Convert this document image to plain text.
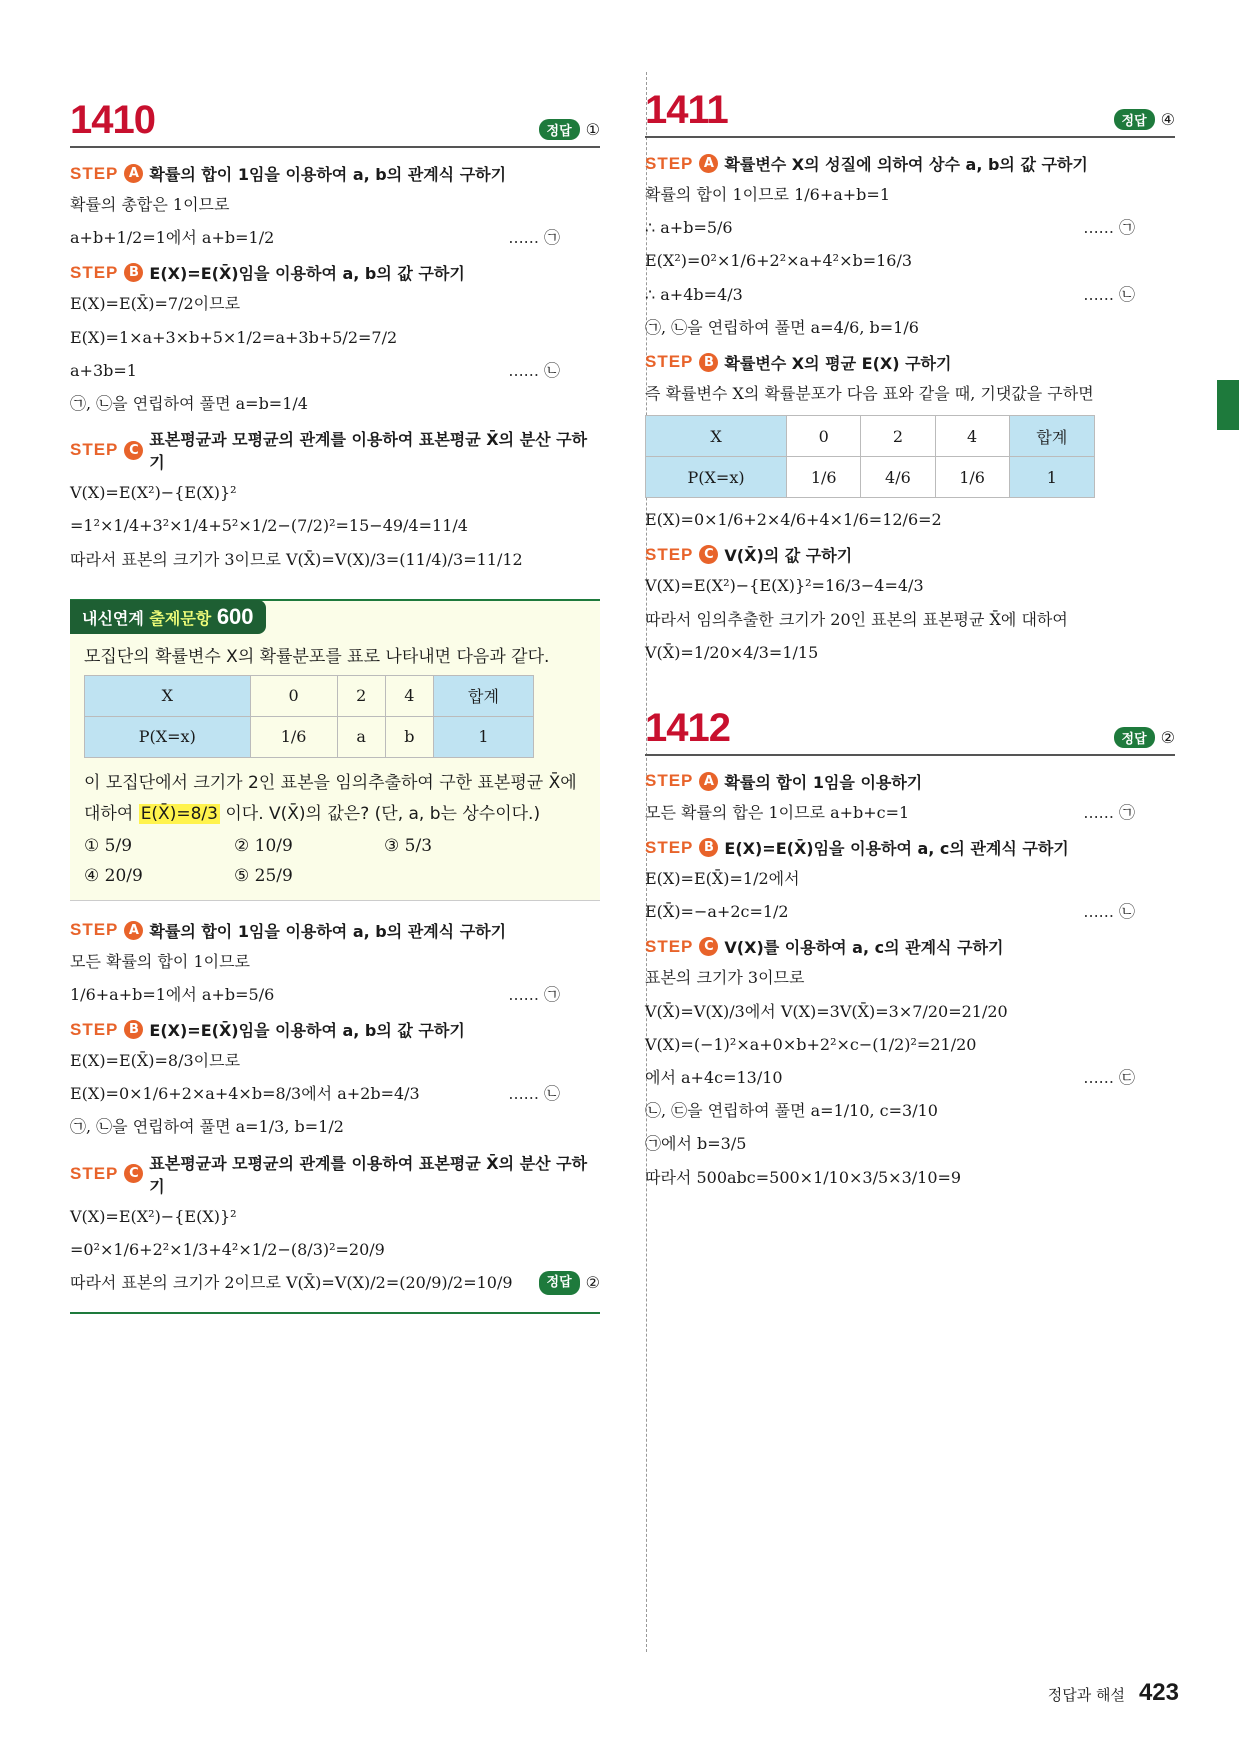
1410	정답 ①
STEP A 확률의 합이 1임을 이용하여 a, b의 관계식 구하기
확률의 총합은 1이므로
a+b+1/2=1에서 a+b=1/2	...... ㉠
STEP B E(X)=E(X̄)임을 이용하여 a, b의 값 구하기
E(X)=E(X̄)=7/2이므로
E(X)=1×a+3×b+5×1/2=a+3b+5/2=7/2
a+3b=1	...... ㉡
㉠, ㉡을 연립하여 풀면 a=b=1/4
STEP C
표본평균과 모평균의 관계를 이용하여 표본평균 X̄의 분산 구하기
V(X)=E(X²)−{E(X)}²
=1²×1/4+3²×1/4+5²×1/2−(7/2)²=15−49/4=11/4
따라서 표본의 크기가 3이므로 V(X̄)=V(X)/3=(11/4)/3=11/12
내신연계 출제문항 600
모집단의 확률변수 X의 확률분포를 표로 나타내면 다음과 같다.
X	0	2	4	합계
P(X=x)	1/6	a	b	1
이 모집단에서 크기가 2인 표본을 임의추출하여 구한 표본평균 X̄에
대하여 E(X̄)=8/3 이다. V(X̄)의 값은? (단, a, b는 상수이다.)
① 5/9	② 10/9	③ 5/3
④ 20/9	⑤ 25/9
STEP A 확률의 합이 1임을 이용하여 a, b의 관계식 구하기
모든 확률의 합이 1이므로
1/6+a+b=1에서 a+b=5/6	...... ㉠
STEP B E(X)=E(X̄)임을 이용하여 a, b의 값 구하기
E(X)=E(X̄)=8/3이므로
E(X)=0×1/6+2×a+4×b=8/3에서 a+2b=4/3	...... ㉡
㉠, ㉡을 연립하여 풀면 a=1/3, b=1/2
STEP C
표본평균과 모평균의 관계를 이용하여 표본평균 X̄의 분산 구하기
V(X)=E(X²)−{E(X)}²
=0²×1/6+2²×1/3+4²×1/2−(8/3)²=20/9
따라서 표본의 크기가 2이므로 V(X̄)=V(X)/2=(20/9)/2=10/9	정답 ②
1411	정답 ④
STEP A 확률변수 X의 성질에 의하여 상수 a, b의 값 구하기
확률의 합이 1이므로 1/6+a+b=1
∴ a+b=5/6	...... ㉠
E(X²)=0²×1/6+2²×a+4²×b=16/3
∴ a+4b=4/3	...... ㉡
㉠, ㉡을 연립하여 풀면 a=4/6, b=1/6
STEP B 확률변수 X의 평균 E(X) 구하기
즉 확률변수 X의 확률분포가 다음 표와 같을 때, 기댓값을 구하면
X	0	2	4	합계
P(X=x)	1/6	4/6	1/6	1
E(X)=0×1/6+2×4/6+4×1/6=12/6=2
STEP C V(X̄)의 값 구하기
V(X)=E(X²)−{E(X)}²=16/3−4=4/3
따라서 임의추출한 크기가 20인 표본의 표본평균 X̄에 대하여
V(X̄)=1/20×4/3=1/15
1412	정답 ②
STEP A 확률의 합이 1임을 이용하기
모든 확률의 합은 1이므로 a+b+c=1	...... ㉠
STEP B E(X)=E(X̄)임을 이용하여 a, c의 관계식 구하기
E(X)=E(X̄)=1/2에서
E(X̄)=−a+2c=1/2	...... ㉡
STEP C V(X)를 이용하여 a, c의 관계식 구하기
표본의 크기가 3이므로
V(X̄)=V(X)/3에서 V(X)=3V(X̄)=3×7/20=21/20
V(X)=(−1)²×a+0×b+2²×c−(1/2)²=21/20
에서 a+4c=13/10	...... ㉢
㉡, ㉢을 연립하여 풀면 a=1/10, c=3/10
㉠에서 b=3/5
따라서 500abc=500×1/10×3/5×3/10=9
정답과 해설 423
